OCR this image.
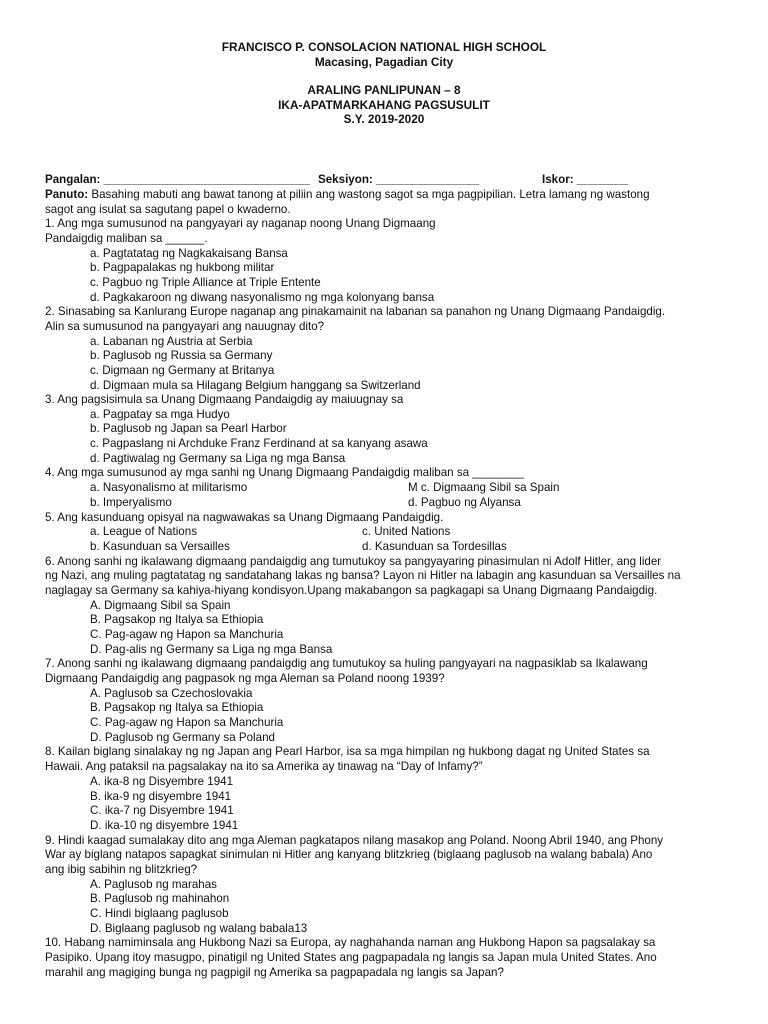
FRANCISCO P. CONSOLACION NATIONAL HIGH SCHOOL
Macasing, Pagadian City
ARALING PANLIPUNAN – 8
IKA-APATMARKAHANG PAGSUSULIT
S.Y. 2019-2020
Pangalan: ________________________________ Seksiyon: ________________	Iskor: ________
Panuto: Basahing mabuti ang bawat tanong at piliin ang wastong sagot sa mga pagpipilian. Letra lamang ng wastong
sagot ang isulat sa sagutang papel o kwaderno.
1. Ang mga sumusunod na pangyayari ay naganap noong Unang Digmaang
Pandaigdig maliban sa ______.
a. Pagtatatag ng Nagkakaisang Bansa
b. Pagpapalakas ng hukbong militar
c. Pagbuo ng Triple Alliance at Triple Entente
d. Pagkakaroon ng diwang nasyonalismo ng mga kolonyang bansa
2. Sinasabing sa Kanlurang Europe naganap ang pinakamainit na labanan sa panahon ng Unang Digmaang Pandaigdig.
Alin sa sumusunod na pangyayari ang nauugnay dito?
a. Labanan ng Austria at Serbia
b. Paglusob ng Russia sa Germany
c. Digmaan ng Germany at Britanya
d. Digmaan mula sa Hilagang Belgium hanggang sa Switzerland
3. Ang pagsisimula sa Unang Digmaang Pandaigdig ay maiuugnay sa
a. Pagpatay sa mga Hudyo
b. Paglusob ng Japan sa Pearl Harbor
c. Pagpaslang ni Archduke Franz Ferdinand at sa kanyang asawa
d. Pagtiwalag ng Germany sa Liga ng mga Bansa
4. Ang mga sumusunod ay mga sanhi ng Unang Digmaang Pandaigdig maliban sa ________
a. Nasyonalismo at militarismo	M c. Digmaang Sibil sa Spain
b. Imperyalismo	d. Pagbuo ng Alyansa
5. Ang kasunduang opisyal na nagwawakas sa Unang Digmaang Pandaigdig.
a. League of Nations	c. United Nations
b. Kasunduan sa Versailles	d. Kasunduan sa Tordesillas
6. Anong sanhi ng ikalawang digmaang pandaigdig ang tumutukoy sa pangyayaring pinasimulan ni Adolf Hitler, ang lider
ng Nazi, ang muling pagtatatag ng sandatahang lakas ng bansa? Layon ni Hitler na labagin ang kasunduan sa Versailles na
naglagay sa Germany sa kahiya-hiyang kondisyon.Upang makabangon sa pagkagapi sa Unang Digmaang Pandaigdig.
A. Digmaang Sibil sa Spain
B. Pagsakop ng Italya sa Ethiopia
C. Pag-agaw ng Hapon sa Manchuria
D. Pag-alis ng Germany sa Liga ng mga Bansa
7. Anong sanhi ng ikalawang digmaang pandaigdig ang tumutukoy sa huling pangyayari na nagpasiklab sa Ikalawang
Digmaang Pandaigdig ang pagpasok ng mga Aleman sa Poland noong 1939?
A. Paglusob sa Czechoslovakia
B. Pagsakop ng Italya sa Ethiopia
C. Pag-agaw ng Hapon sa Manchuria
D. Paglusob ng Germany sa Poland
8. Kailan biglang sinalakay ng ng Japan ang Pearl Harbor, isa sa mga himpilan ng hukbong dagat ng United States sa
Hawaii. Ang pataksil na pagsalakay na ito sa Amerika ay tinawag na “Day of Infamy?”
A. ika-8 ng Disyembre 1941
B. ika-9 ng disyembre 1941
C. ika-7 ng Disyembre 1941
D. ika-10 ng disyembre 1941
9. Hindi kaagad sumalakay dito ang mga Aleman pagkatapos nilang masakop ang Poland. Noong Abril 1940, ang Phony
War ay biglang natapos sapagkat sinimulan ni Hitler ang kanyang blitzkrieg (biglaang paglusob na walang babala) Ano
ang ibig sabihin ng blitzkrieg?
A. Paglusob ng marahas
B. Paglusob ng mahinahon
C. Hindi biglaang paglusob
D. Biglaang paglusob ng walang babala13
10. Habang namiminsala ang Hukbong Nazi sa Europa, ay naghahanda naman ang Hukbong Hapon sa pagsalakay sa
Pasipiko. Upang itoy masugpo, pinatigil ng United States ang pagpapadala ng langis sa Japan mula United States. Ano
marahil ang magiging bunga ng pagpigil ng Amerika sa pagpapadala ng langis sa Japan?
